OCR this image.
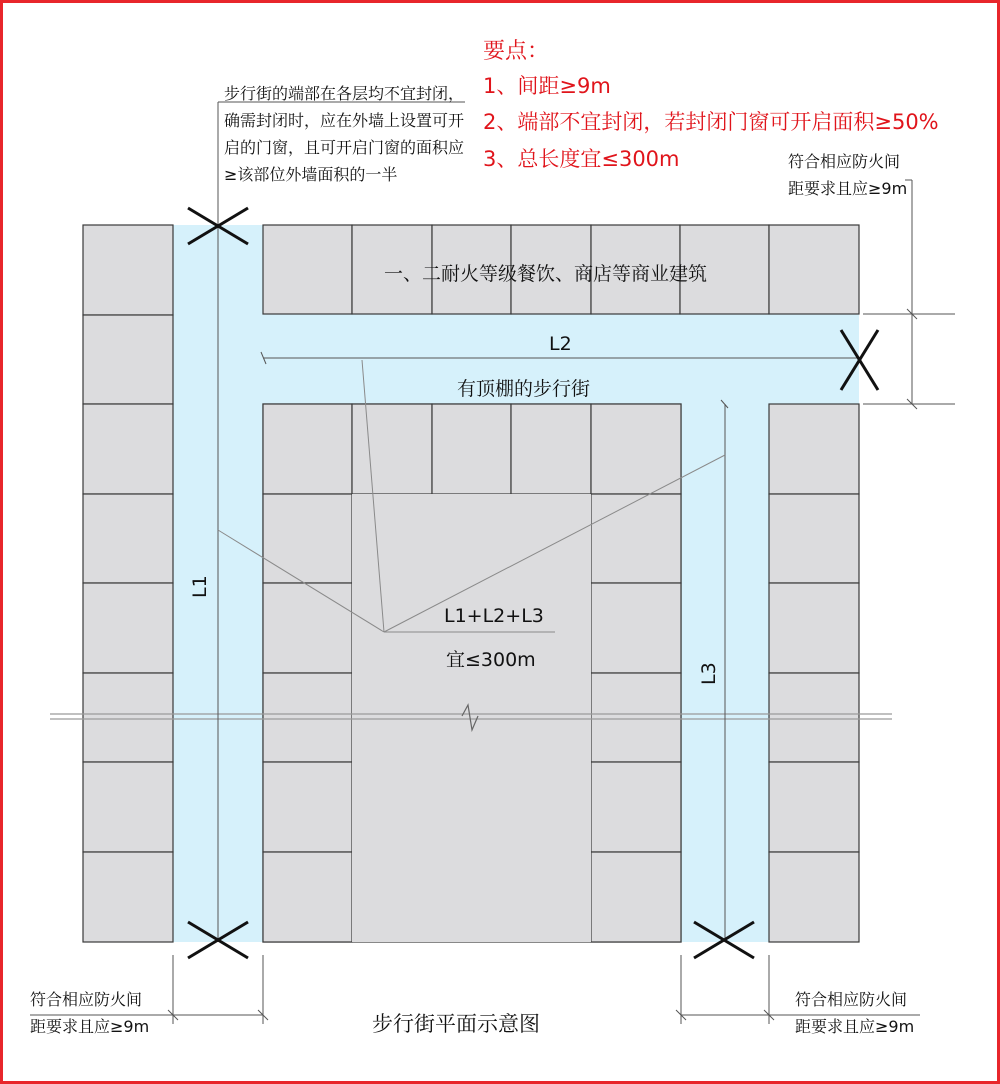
L1
L3
要点：
1、间距≥9m
2、端部不宜封闭，若封闭门窗可开启面积≥50%
3、总长度宜≤300m
步行街的端部在各层均不宜封闭，确需封闭时，应在外墙上设置可开启的门窗，且可开启门窗的面积应≥该部位外墙面积的一半
符合相应防火间
距要求且应≥9m
符合相应防火间
距要求且应≥9m
符合相应防火间
距要求且应≥9m
一、二耐火等级餐饮、商店等商业建筑
L2
有顶棚的步行街
L1+L2+L3
宜≤300m
步行街平面示意图
